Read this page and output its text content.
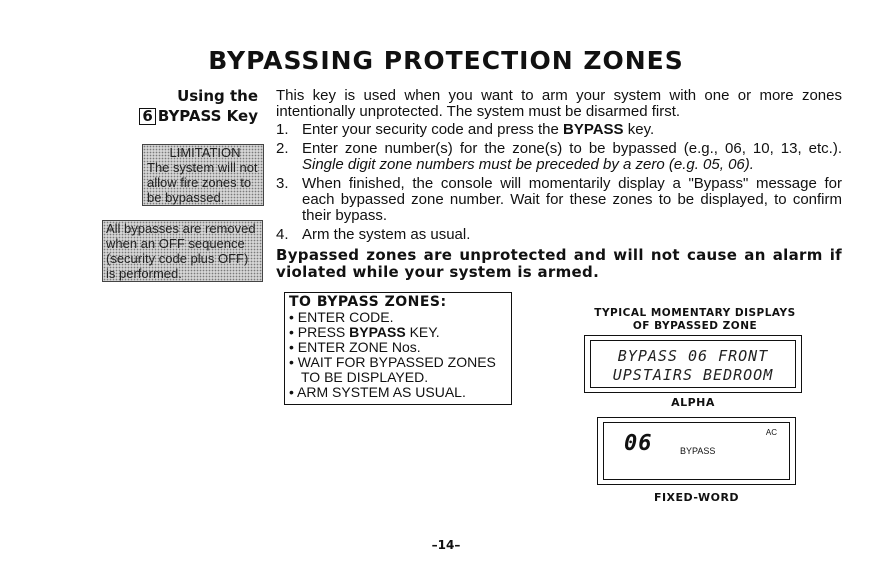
BYPASSING PROTECTION ZONES
Using the
6 BYPASS Key
LIMITATION
The system will not
allow fire zones to
be bypassed.
All bypasses are removed
when an OFF sequence
(security code plus OFF)
is performed.
This key is used when you want to arm your system with one or more zones intentionally unprotected. The system must be disarmed first.
1. Enter your security code and press the BYPASS key.
2. Enter zone number(s) for the zone(s) to be bypassed (e.g., 06, 10, 13, etc.). Single digit zone numbers must be preceded by a zero (e.g. 05, 06).
3. When finished, the console will momentarily display a "Bypass" message for each bypassed zone number. Wait for these zones to be displayed, to confirm their bypass.
4. Arm the system as usual.
Bypassed zones are unprotected and will not cause an alarm if violated while your system is armed.
TO BYPASS ZONES:
• ENTER CODE.
• PRESS BYPASS KEY.
• ENTER ZONE Nos.
• WAIT FOR BYPASSED ZONES
TO BE DISPLAYED.
• ARM SYSTEM AS USUAL.
TYPICAL MOMENTARY DISPLAYS
OF BYPASSED ZONE
BYPASS 06 FRONT
UPSTAIRS BEDROOM
ALPHA
06	BYPASS
AC
FIXED-WORD
–14–
